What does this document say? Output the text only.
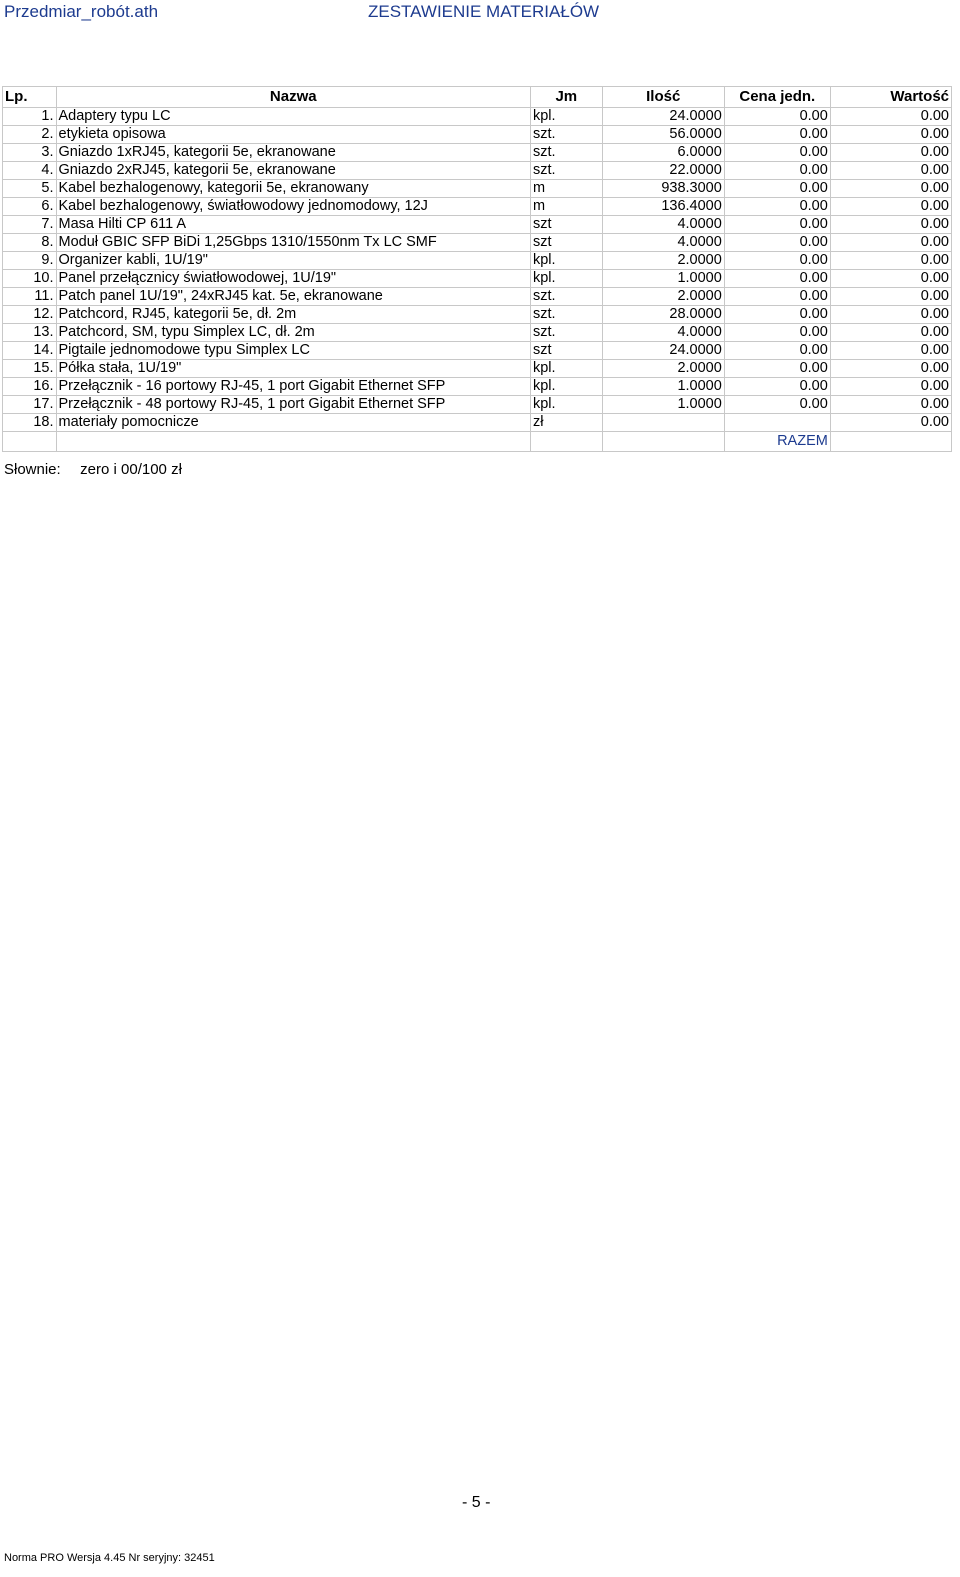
Przedmiar_robót.ath	ZESTAWIENIE MATERIAŁÓW
Lp.	Nazwa	Jm	Ilość	Cena jedn.	Wartość
1.	Adaptery typu LC	kpl.	24.0000	0.00	0.00
2.	etykieta opisowa	szt.	56.0000	0.00	0.00
3.	Gniazdo 1xRJ45, kategorii 5e, ekranowane	szt.	6.0000	0.00	0.00
4.	Gniazdo 2xRJ45, kategorii 5e, ekranowane	szt.	22.0000	0.00	0.00
5.	Kabel bezhalogenowy, kategorii 5e, ekranowany	m	938.3000	0.00	0.00
6.	Kabel bezhalogenowy, światłowodowy jednomodowy, 12J	m	136.4000	0.00	0.00
7.	Masa Hilti CP 611 A	szt	4.0000	0.00	0.00
8.	Moduł GBIC SFP BiDi 1,25Gbps 1310/1550nm Tx LC SMF	szt	4.0000	0.00	0.00
9.	Organizer kabli, 1U/19"	kpl.	2.0000	0.00	0.00
10.	Panel przełącznicy światłowodowej, 1U/19"	kpl.	1.0000	0.00	0.00
11.	Patch panel 1U/19", 24xRJ45 kat. 5e, ekranowane	szt.	2.0000	0.00	0.00
12.	Patchcord, RJ45, kategorii 5e, dł. 2m	szt.	28.0000	0.00	0.00
13.	Patchcord, SM, typu Simplex LC, dł. 2m	szt.	4.0000	0.00	0.00
14.	Pigtaile jednomodowe typu Simplex LC	szt	24.0000	0.00	0.00
15.	Półka stała, 1U/19"	kpl.	2.0000	0.00	0.00
16.	Przełącznik - 16 portowy RJ-45, 1 port Gigabit Ethernet SFP	kpl.	1.0000	0.00	0.00
17.	Przełącznik - 48 portowy RJ-45, 1 port Gigabit Ethernet SFP	kpl.	1.0000	0.00	0.00
18.	materiały pomocnicze	zł			0.00
				RAZEM	
Słownie: zero i 00/100 zł
- 5 -
Norma PRO Wersja 4.45 Nr seryjny: 32451
